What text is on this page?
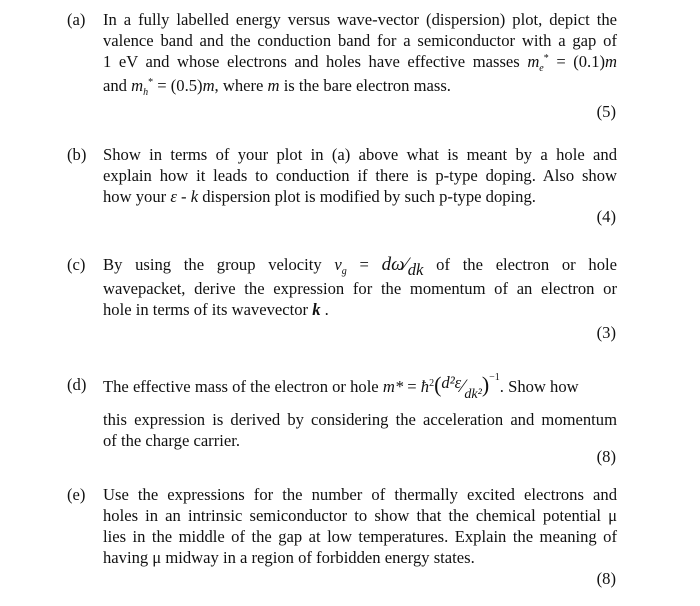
(a) In a fully labelled energy versus wave-vector (dispersion) plot, depict the
valence band and the conduction band for a semiconductor with a gap of
1 eV and whose electrons and holes have effective masses $m_e^* = (0.1)m$
and $m_h^* = (0.5)m$, where m is the bare electron mass.
(5)
(b) Show in terms of your plot in (a) above what is meant by a hole and
explain how it leads to conduction if there is p-type doping. Also show
how your ε - k dispersion plot is modified by such p-type doping.
(4)
(c) By using the group velocity $v_g$ = dω⁄dk of the electron or hole
wavepacket, derive the expression for the momentum of an electron or
hole in terms of its wavevector k .
(3)
(d) The effective mass of the electron or hole $m* = ħ^2(d^2\varepsilon⁄_{dk^2})^{-1}$. Show how
this expression is derived by considering the acceleration and momentum
of the charge carrier.
(8)
(e) Use the expressions for the number of thermally excited electrons and
holes in an intrinsic semiconductor to show that the chemical potential μ
lies in the middle of the gap at low temperatures. Explain the meaning of
having μ midway in a region of forbidden energy states.
(8)
